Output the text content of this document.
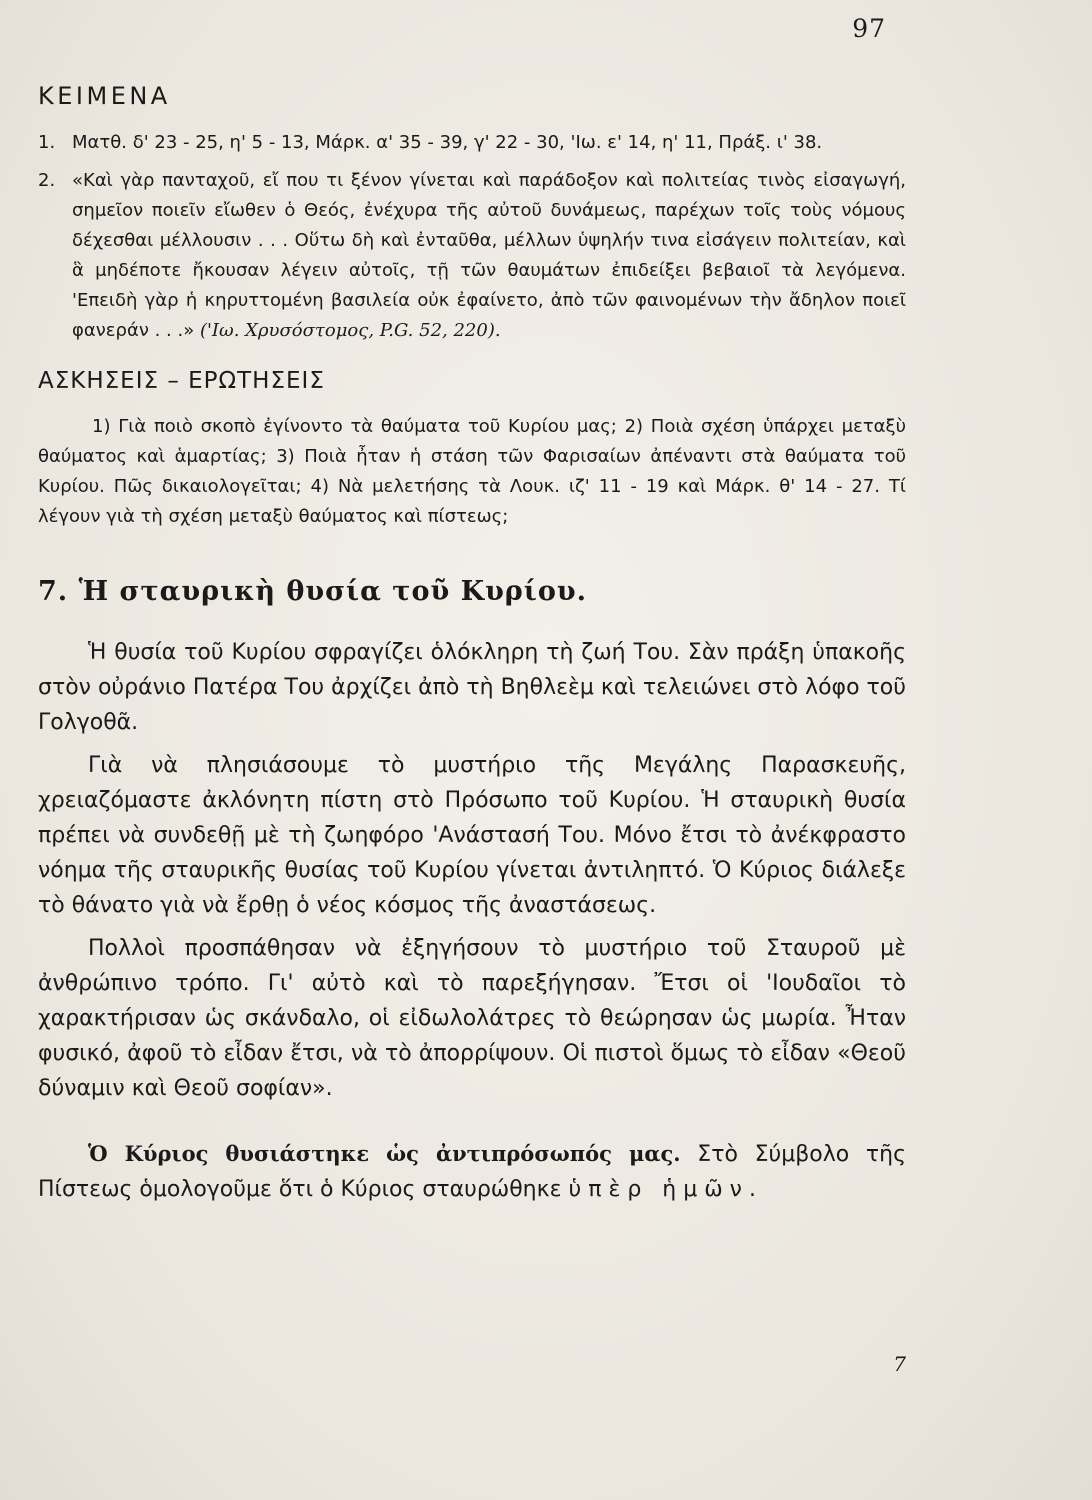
97
ΚΕΙΜΕΝΑ
1. Ματθ. δ' 23 - 25, η' 5 - 13, Μάρκ. α' 35 - 39, γ' 22 - 30, 'Ιω. ε' 14, η' 11, Πράξ. ι' 38.
2. «Καὶ γὰρ πανταχοῦ, εἴ που τι ξένον γίνεται καὶ παράδοξον καὶ πολιτείας τινὸς εἰσαγωγή, σημεῖον ποιεῖν εἴωθεν ὁ Θεός, ἐνέχυρα τῆς αὐτοῦ δυνάμεως, παρέχων τοῖς τοὺς νόμους δέχεσθαι μέλλουσιν . . . Οὕτω δὴ καὶ ἐνταῦθα, μέλλων ὑψηλήν τινα εἰσάγειν πολιτείαν, καὶ ἃ μηδέποτε ἤκουσαν λέγειν αὐτοῖς, τῇ τῶν θαυμάτων ἐπιδείξει βεβαιοῖ τὰ λεγόμενα. 'Επειδὴ γὰρ ἡ κηρυττομένη βασιλεία οὐκ ἐφαίνετο, ἀπὸ τῶν φαινομένων τὴν ἄδηλον ποιεῖ φανεράν . . .» ('Ιω. Χρυσόστομος, P.G. 52, 220).
ΑΣΚΗΣΕΙΣ – ΕΡΩΤΗΣΕΙΣ

1) Γιὰ ποιὸ σκοπὸ ἐγίνοντο τὰ θαύματα τοῦ Κυρίου μας; 2) Ποιὰ σχέση ὑπάρχει μεταξὺ θαύματος καὶ ἁμαρτίας; 3) Ποιὰ ἦταν ἡ στάση τῶν Φαρισαίων ἀπέναντι στὰ θαύματα τοῦ Κυρίου. Πῶς δικαιολογεῖται; 4) Νὰ μελετήσης τὰ Λουκ. ιζ' 11 - 19 καὶ Μάρκ. θ' 14 - 27. Τί λέγουν γιὰ τὴ σχέση μεταξὺ θαύματος καὶ πίστεως;

7. Ἡ σταυρικὴ θυσία τοῦ Κυρίου.

Ἡ θυσία τοῦ Κυρίου σφραγίζει ὁλόκληρη τὴ ζωή Του. Σὰν πράξη ὑπακοῆς στὸν οὐράνιο Πατέρα Του ἀρχίζει ἀπὸ τὴ Βηθλεὲμ καὶ τελειώνει στὸ λόφο τοῦ Γολγοθᾶ.

Γιὰ νὰ πλησιάσουμε τὸ μυστήριο τῆς Μεγάλης Παρασκευῆς, χρειαζόμαστε ἀκλόνητη πίστη στὸ Πρόσωπο τοῦ Κυρίου. Ἡ σταυρικὴ θυσία πρέπει νὰ συνδεθῇ μὲ τὴ ζωηφόρο 'Ανάστασή Του. Μόνο ἔτσι τὸ ἀνέκφραστο νόημα τῆς σταυρικῆς θυσίας τοῦ Κυρίου γίνεται ἀντιληπτό. Ὁ Κύριος διάλεξε τὸ θάνατο γιὰ νὰ ἔρθῃ ὁ νέος κόσμος τῆς ἀναστάσεως.

Πολλοὶ προσπάθησαν νὰ ἐξηγήσουν τὸ μυστήριο τοῦ Σταυροῦ μὲ ἀνθρώπινο τρόπο. Γι' αὐτὸ καὶ τὸ παρεξήγησαν. Ἔτσι οἱ 'Ιουδαῖοι τὸ χαρακτήρισαν ὡς σκάνδαλο, οἱ εἰδωλολάτρες τὸ θεώρησαν ὡς μωρία. Ἦταν φυσικό, ἀφοῦ τὸ εἶδαν ἔτσι, νὰ τὸ ἀπορρίψουν. Οἱ πιστοὶ ὅμως τὸ εἶδαν «Θεοῦ δύναμιν καὶ Θεοῦ σοφίαν».

Ὁ Κύριος θυσιάστηκε ὡς ἀντιπρόσωπός μας. Στὸ Σύμβολο τῆς Πίστεως ὁμολογοῦμε ὅτι ὁ Κύριος σταυρώθηκε ὑπὲρ ἡμῶν.

7
